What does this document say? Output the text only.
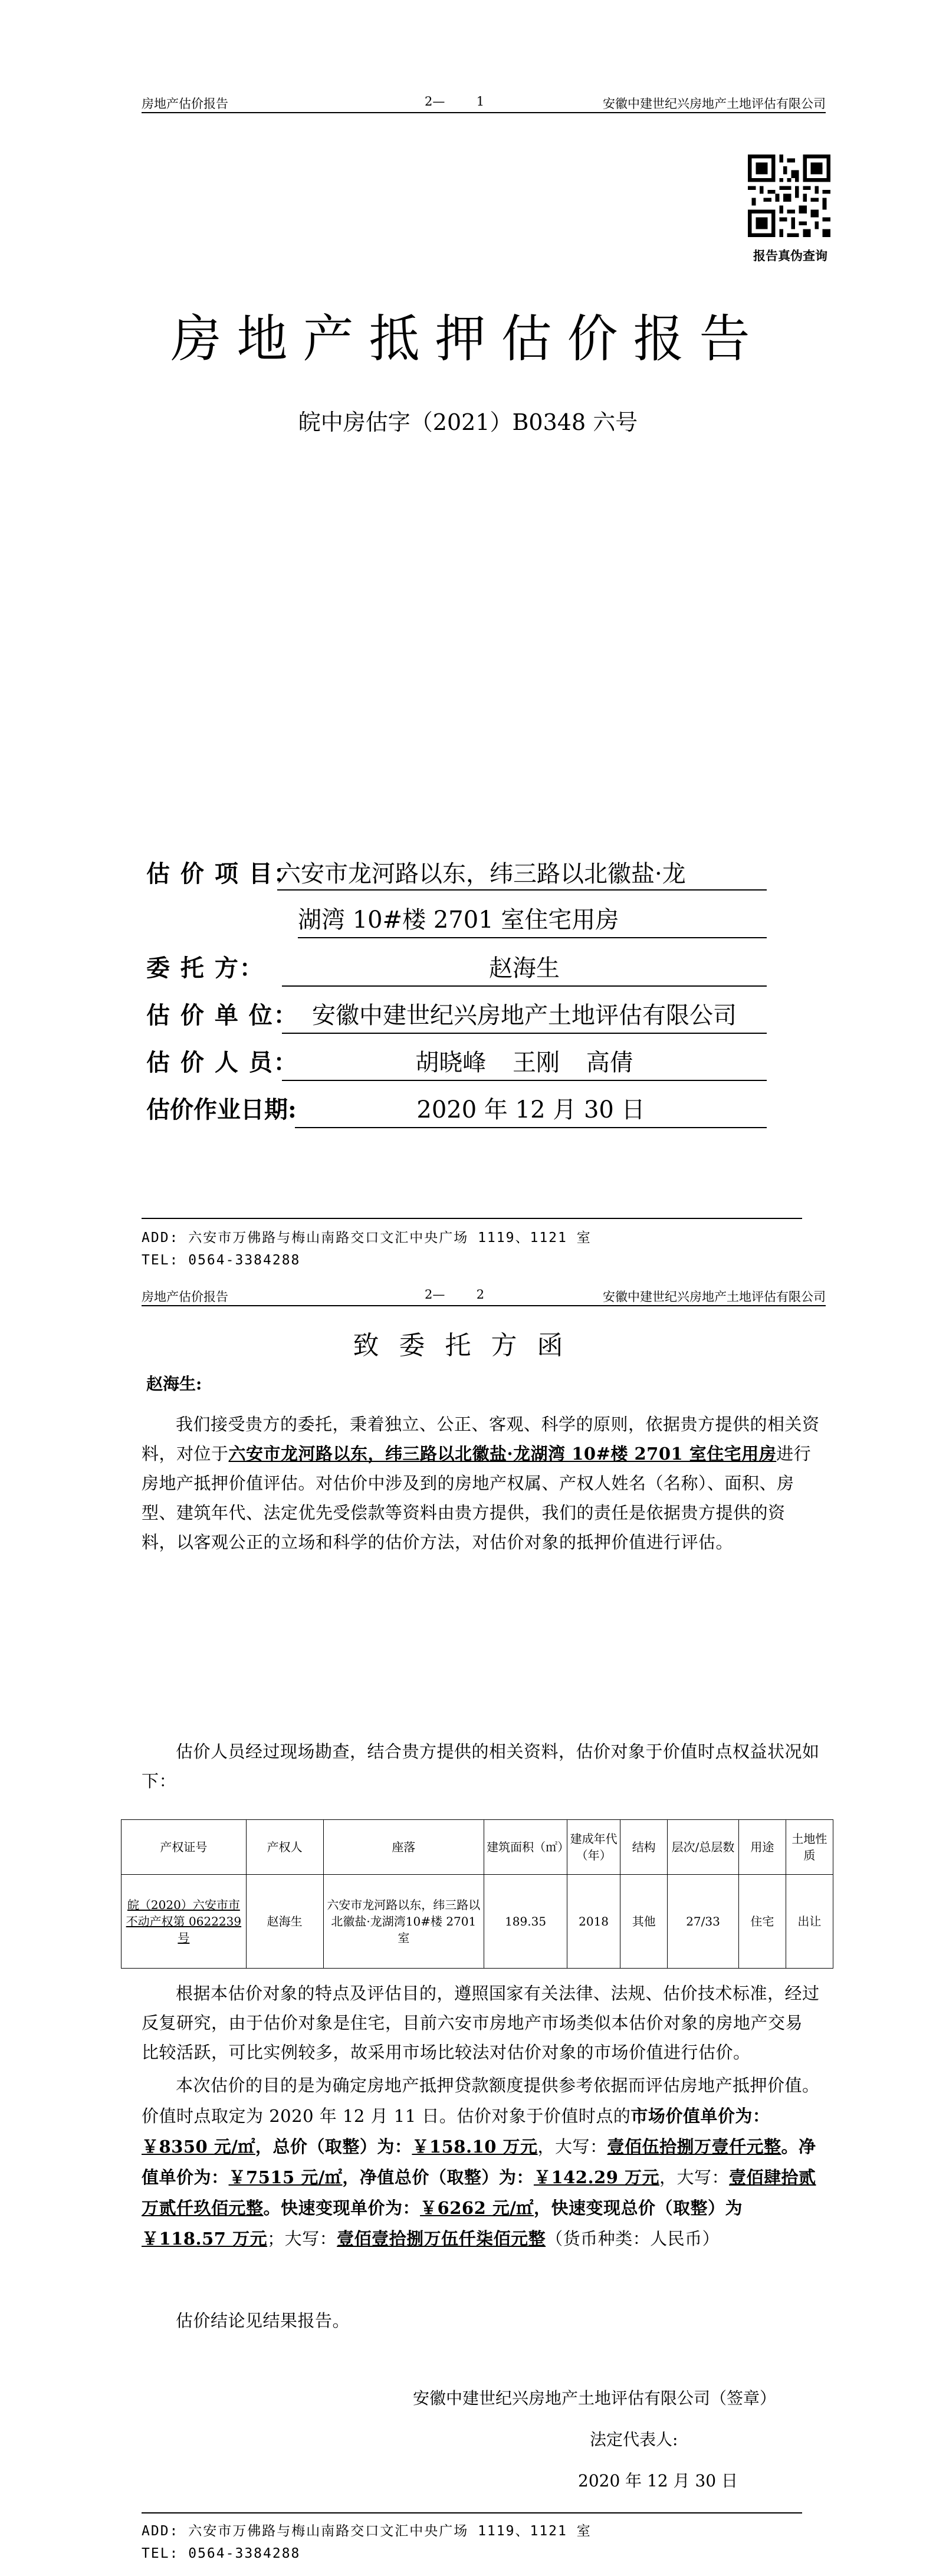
房地产估价报告	2—        1	安徽中建世纪兴房地产土地评估有限公司
报告真伪查询
房地产抵押估价报告
皖中房估字（2021）B0348 六号
估 价 项 目：
六安市龙河路以东，纬三路以北徽盐·龙
湖湾 10#楼 2701 室住宅用房
委 托 方：	赵海生
估 价 单 位： 安徽中建世纪兴房地产土地评估有限公司
估 价 人 员：	胡晓峰 王刚 高倩
估价作业日期:	2020 年 12 月 30 日
ADD: 六安市万佛路与梅山南路交口文汇中央广场 1119、1121 室
TEL: 0564-3384288
房地产估价报告	2—        2	安徽中建世纪兴房地产土地评估有限公司
致委托方函
赵海生:
我们接受贵方的委托，秉着独立、公正、客观、科学的原则，依据贵方提供的相关资料，对位于六安市龙河路以东，纬三路以北徽盐·龙湖湾 10#楼 2701 室住宅用房进行房地产抵押价值评估。对估价中涉及到的房地产权属、产权人姓名（名称）、面积、房型、建筑年代、法定优先受偿款等资料由贵方提供，我们的责任是依据贵方提供的资料，以客观公正的立场和科学的估价方法，对估价对象的抵押价值进行评估。
估价人员经过现场勘查，结合贵方提供的相关资料，估价对象于价值时点权益状况如下：
产权证号	产权人	座落	建筑面积（㎡）	建成年代（年）	结构	层次/总层数	用途	土地性质
皖（2020）六安市市不动产权第 0622239 号	赵海生	六安市龙河路以东，纬三路以北徽盐·龙湖湾10#楼 2701 室	189.35	2018	其他	27/33	住宅	出让
根据本估价对象的特点及评估目的，遵照国家有关法律、法规、估价技术标准，经过反复研究，由于估价对象是住宅，目前六安市房地产市场类似本估价对象的房地产交易比较活跃，可比实例较多，故采用市场比较法对估价对象的市场价值进行估价。
本次估价的目的是为确定房地产抵押贷款额度提供参考依据而评估房地产抵押价值。价值时点取定为 2020 年 12 月 11 日。估价对象于价值时点的市场价值单价为：￥8350 元/㎡，总价（取整）为：￥158.10 万元，大写：壹佰伍拾捌万壹仟元整。净值单价为：￥7515 元/㎡，净值总价（取整）为：￥142.29 万元，大写：壹佰肆拾贰万贰仟玖佰元整。快速变现单价为：￥6262 元/㎡，快速变现总价（取整）为￥118.57 万元；大写：壹佰壹拾捌万伍仟柒佰元整（货币种类：人民币）
估价结论见结果报告。
安徽中建世纪兴房地产土地评估有限公司（签章）
法定代表人:
2020 年 12 月 30 日
ADD: 六安市万佛路与梅山南路交口文汇中央广场 1119、1121 室
TEL: 0564-3384288
